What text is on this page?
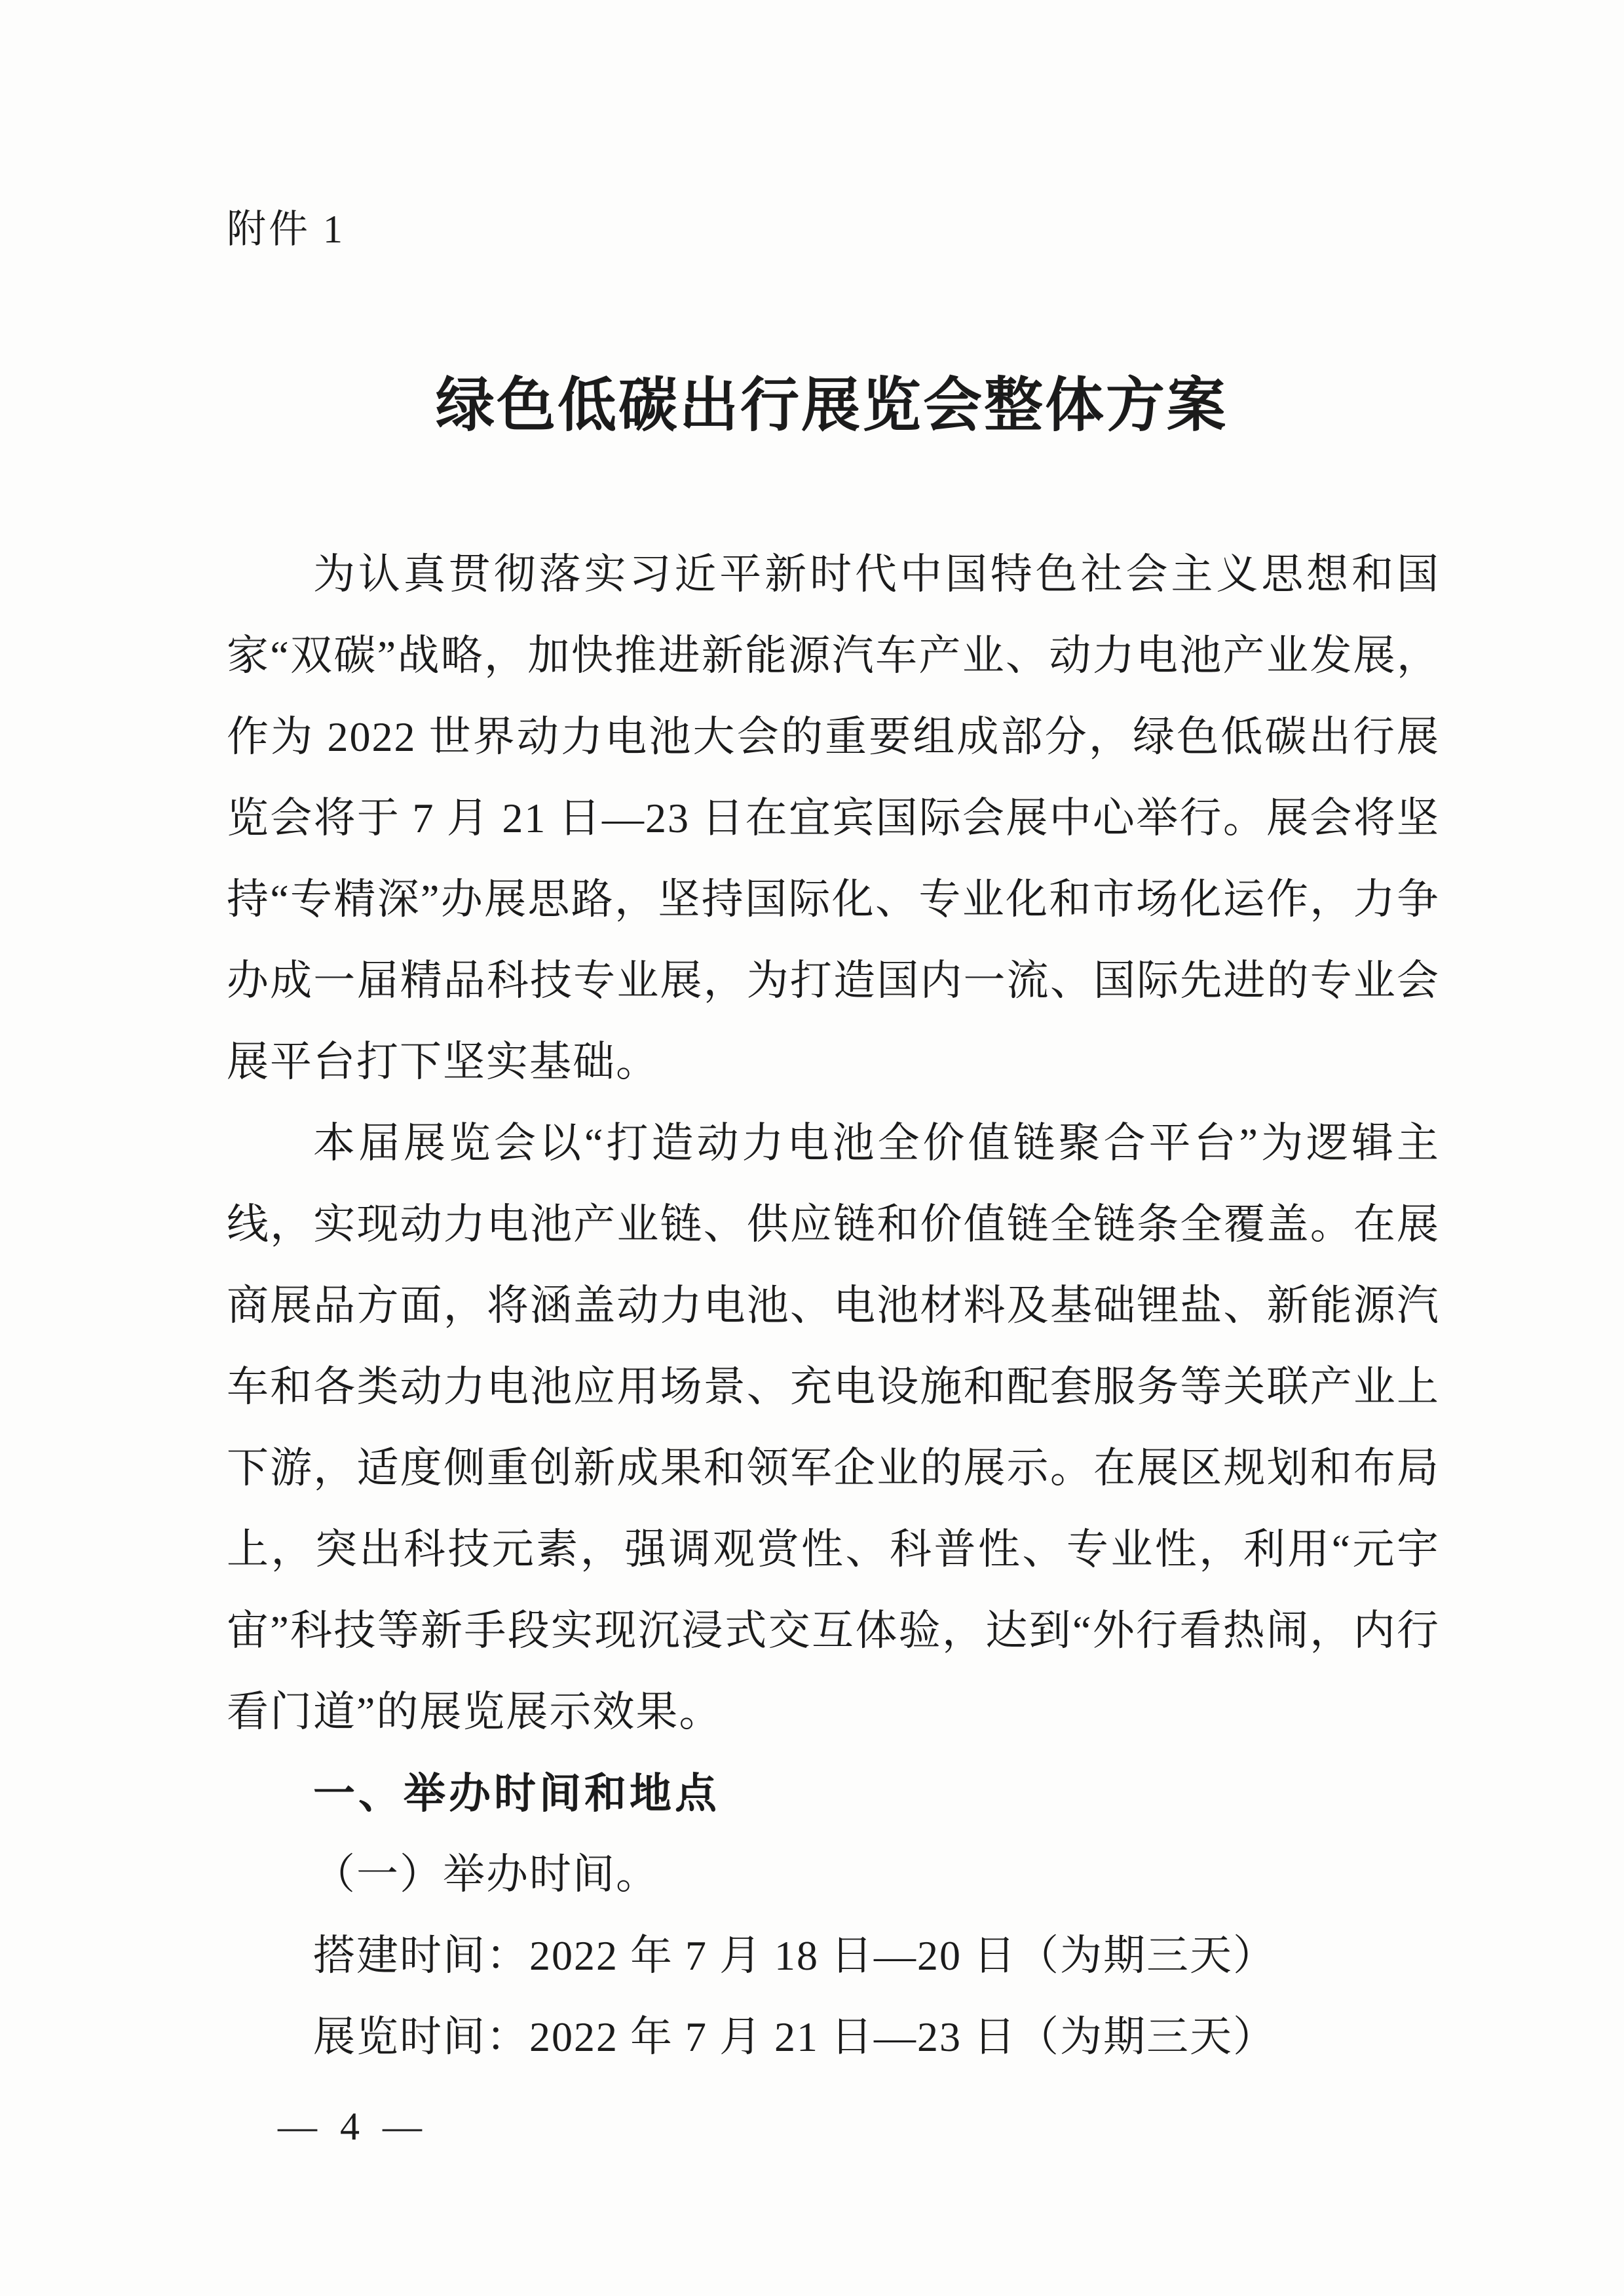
附件 1
绿色低碳出行展览会整体方案
为认真贯彻落实习近平新时代中国特色社会主义思想和国
家“双碳”战略，加快推进新能源汽车产业、动力电池产业发展，
作为 2022 世界动力电池大会的重要组成部分，绿色低碳出行展
览会将于 7 月 21 日—23 日在宜宾国际会展中心举行。展会将坚
持“专精深”办展思路，坚持国际化、专业化和市场化运作，力争
办成一届精品科技专业展，为打造国内一流、国际先进的专业会
展平台打下坚实基础。
本届展览会以“打造动力电池全价值链聚合平台”为逻辑主
线，实现动力电池产业链、供应链和价值链全链条全覆盖。在展
商展品方面，将涵盖动力电池、电池材料及基础锂盐、新能源汽
车和各类动力电池应用场景、充电设施和配套服务等关联产业上
下游，适度侧重创新成果和领军企业的展示。在展区规划和布局
上，突出科技元素，强调观赏性、科普性、专业性，利用“元宇
宙”科技等新手段实现沉浸式交互体验，达到“外行看热闹，内行
看门道”的展览展示效果。
一、举办时间和地点
（一）举办时间。
搭建时间：2022 年 7 月 18 日—20 日（为期三天）
展览时间：2022 年 7 月 21 日—23 日（为期三天）
— 4 —
